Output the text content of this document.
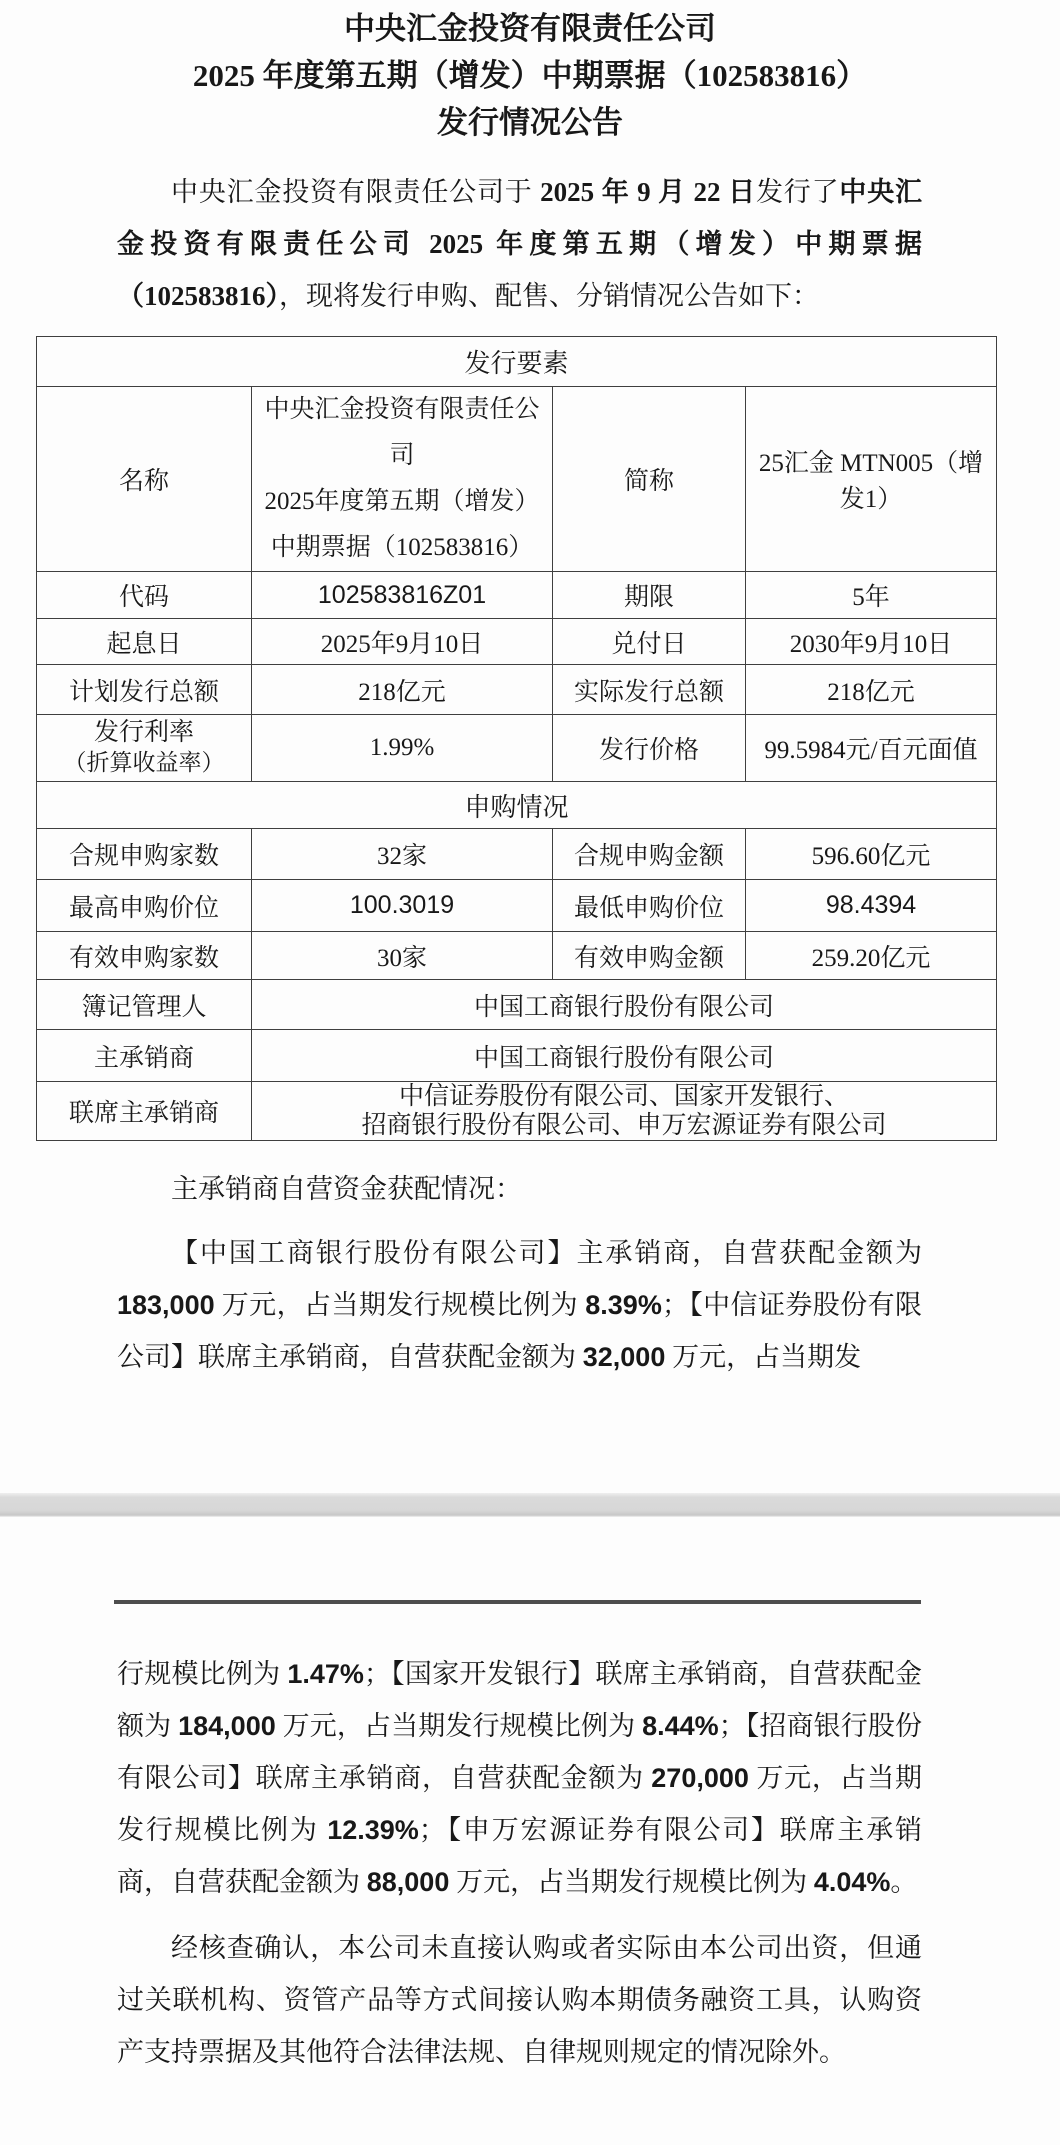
中央汇金投资有限责任公司
2025 年度第五期（增发）中期票据（102583816）
发行情况公告

中央汇金投资有限责任公司于 2025 年 9 月 22 日发行了中央汇金投资有限责任公司 2025 年度第五期（增发）中期票据（102583816），现将发行申购、配售、分销情况公告如下：

发行要素			
名称	中央汇金投资有限责任公司
2025年度第五期（增发）
中期票据（102583816）	简称	25汇金 MTN005（增发1）
代码	102583816Z01	期限	5年
起息日	2025年9月10日	兑付日	2030年9月10日
计划发行总额	218亿元	实际发行总额	218亿元

发行利率
（折算收益率）	1.99%	发行价格	99.5984元/百元面值
申购情况			
合规申购家数	32家	合规申购金额	596.60亿元
最高申购价位	100.3019	最低申购价位	98.4394
有效申购家数	30家	有效申购金额	259.20亿元
簿记管理人	中国工商银行股份有限公司		
主承销商	中国工商银行股份有限公司		
联席主承销商	中信证券股份有限公司、国家开发银行、
招商银行股份有限公司、申万宏源证券有限公司		

主承销商自营资金获配情况：

【中国工商银行股份有限公司】主承销商，自营获配金额为 183,000 万元，占当期发行规模比例为 8.39%；【中信证券股份有限公司】联席主承销商，自营获配金额为 32,000 万元，占当期发

行规模比例为 1.47%；【国家开发银行】联席主承销商，自营获配金额为 184,000 万元，占当期发行规模比例为 8.44%；【招商银行股份有限公司】联席主承销商，自营获配金额为 270,000 万元，占当期发行规模比例为 12.39%；【申万宏源证券有限公司】联席主承销商，自营获配金额为 88,000 万元，占当期发行规模比例为 4.04%。

经核查确认，本公司未直接认购或者实际由本公司出资，但通过关联机构、资管产品等方式间接认购本期债务融资工具，认购资产支持票据及其他符合法律法规、自律规则规定的情况除外。
